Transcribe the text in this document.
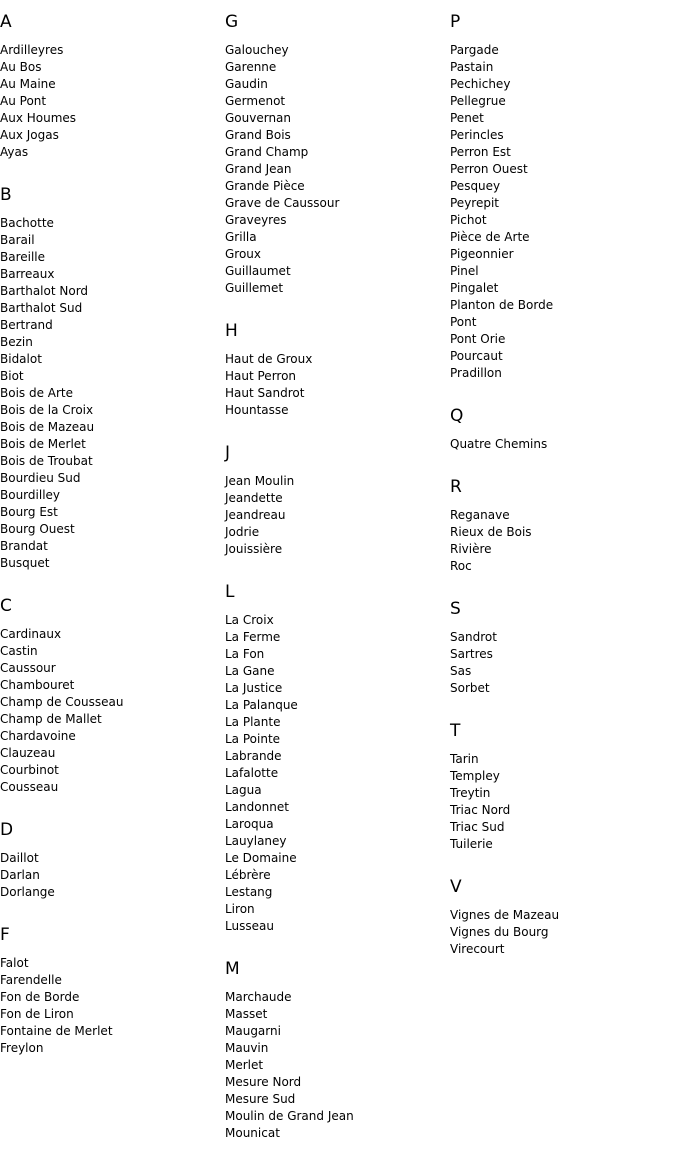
A
Ardilleyres
Au Bos
Au Maine
Au Pont
Aux Houmes
Aux Jogas
Ayas
B
Bachotte
Barail
Bareille
Barreaux
Barthalot Nord
Barthalot Sud
Bertrand
Bezin
Bidalot
Biot
Bois de Arte
Bois de la Croix
Bois de Mazeau
Bois de Merlet
Bois de Troubat
Bourdieu Sud
Bourdilley
Bourg Est
Bourg Ouest
Brandat
Busquet
C
Cardinaux
Castin
Caussour
Chambouret
Champ de Cousseau
Champ de Mallet
Chardavoine
Clauzeau
Courbinot
Cousseau
D
Daillot
Darlan
Dorlange
F
Falot
Farendelle
Fon de Borde
Fon de Liron
Fontaine de Merlet
Freylon
G
Galouchey
Garenne
Gaudin
Germenot
Gouvernan
Grand Bois
Grand Champ
Grand Jean
Grande Pièce
Grave de Caussour
Graveyres
Grilla
Groux
Guillaumet
Guillemet
H
Haut de Groux
Haut Perron
Haut Sandrot
Hountasse
J
Jean Moulin
Jeandette
Jeandreau
Jodrie
Jouissière
L
La Croix
La Ferme
La Fon
La Gane
La Justice
La Palanque
La Plante
La Pointe
Labrande
Lafalotte
Lagua
Landonnet
Laroqua
Lauylaney
Le Domaine
Lébrère
Lestang
Liron
Lusseau
M
Marchaude
Masset
Maugarni
Mauvin
Merlet
Mesure Nord
Mesure Sud
Moulin de Grand Jean
Mounicat
P
Pargade
Pastain
Pechichey
Pellegrue
Penet
Perincles
Perron Est
Perron Ouest
Pesquey
Peyrepit
Pichot
Pièce de Arte
Pigeonnier
Pinel
Pingalet
Planton de Borde
Pont
Pont Orie
Pourcaut
Pradillon
Q
Quatre Chemins
R
Reganave
Rieux de Bois
Rivière
Roc
S
Sandrot
Sartres
Sas
Sorbet
T
Tarin
Templey
Treytin
Triac Nord
Triac Sud
Tuilerie
V
Vignes de Mazeau
Vignes du Bourg
Virecourt
